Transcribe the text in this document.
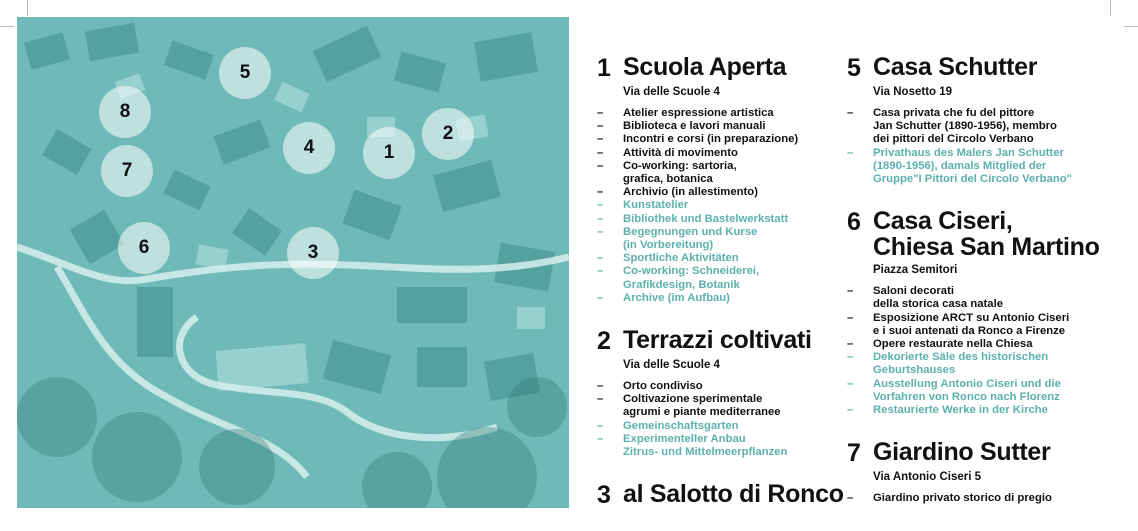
5
8
4	1
2
7
6	3
1 Scuola Aperta
Via delle Scuole 4
–	Atelier espressione artistica
–	Biblioteca e lavori manuali
–	Incontri e corsi (in preparazione)
–	Attività di movimento
–	Co-working: sartoria,
grafica, botanica
–	Archivio (in allestimento)
–	Kunstatelier
–	Bibliothek und Bastelwerkstatt
–	Begegnungen und Kurse
(in Vorbereitung)
–	Sportliche Aktivitäten
–	Co-working: Schneiderei,
Grafikdesign, Botanik
–	Archive (im Aufbau)
2 Terrazzi coltivati
Via delle Scuole 4
–	Orto condiviso
–	Coltivazione sperimentale
agrumi e piante mediterranee
–	Gemeinschaftsgarten
–	Experimenteller Anbau
Zitrus- und Mittelmeerpflanzen
3 al Salotto di Ronco
5 Casa Schutter
Via Nosetto 19
–	Casa privata che fu del pittore
Jan Schutter (1890-1956), membro
dei pittori del Circolo Verbano
–	Privathaus des Malers Jan Schutter
(1890-1956), damals Mitglied der
Gruppe"I Pittori del Circolo Verbano"
6 Casa Ciseri,
Chiesa San Martino
Piazza Semitori
–	Saloni decorati
della storica casa natale
–	Esposizione ARCT su Antonio Ciseri
e i suoi antenati da Ronco a Firenze
–	Opere restaurate nella Chiesa
–	Dekorierte Säle des historischen
Geburtshauses
–	Ausstellung Antonio Ciseri und die
Vorfahren von Ronco nach Florenz
–	Restaurierte Werke in der Kirche
7 Giardino Sutter
Via Antonio Ciseri 5
–	Giardino privato storico di pregio
